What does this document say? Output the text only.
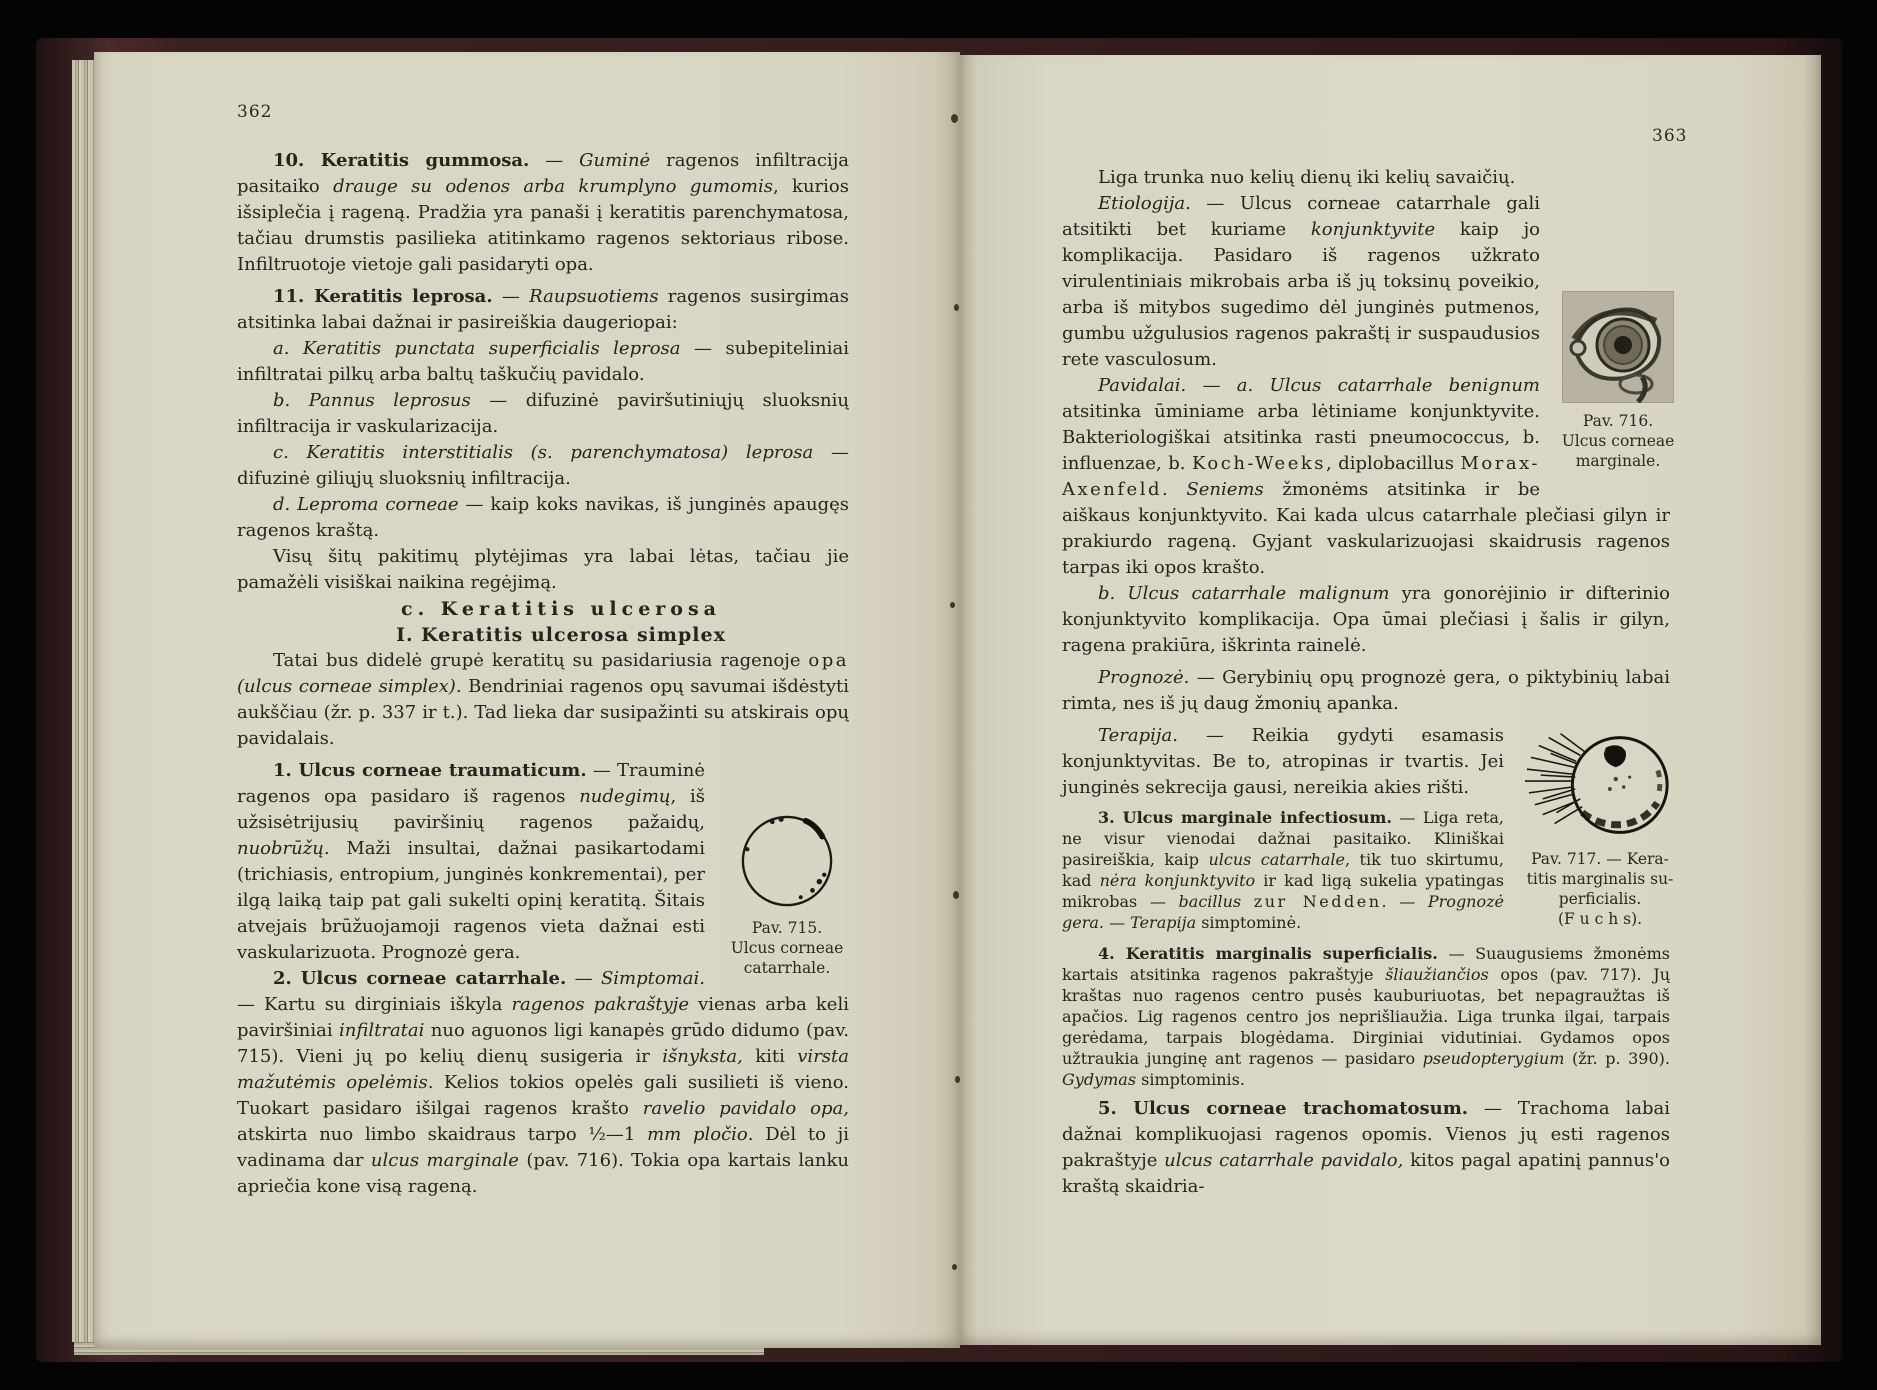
362

10. Keratitis gummosa. — Guminė ragenos infiltracija pasitaiko drauge su odenos arba krumplyno gumomis, kurios išsiplečia į rageną. Pradžia yra panaši į keratitis parenchymatosa, tačiau drumstis pasilieka atitinkamo ragenos sektoriaus ribose. Infiltruotoje vietoje gali pasidaryti opa.

11. Keratitis leprosa. — Raupsuotiems ragenos susirgimas atsitinka labai dažnai ir pasireiškia daugeriopai:

a. Keratitis punctata superficialis leprosa — subepiteliniai infiltratai pilkų arba baltų taškučių pavidalo.

b. Pannus leprosus — difuzinė paviršutiniųjų sluoksnių infiltracija ir vaskularizacija.

c. Keratitis interstitialis (s. parenchymatosa) leprosa — difuzinė giliųjų sluoksnių infiltracija.

d. Leproma corneae — kaip koks navikas, iš junginės apaugęs ragenos kraštą.

Visų šitų pakitimų plytėjimas yra labai lėtas, tačiau jie pamažėli visiškai naikina regėjimą.

c. Keratitis ulcerosa

I. Keratitis ulcerosa simplex

Tatai bus didelė grupė keratitų su pasidariusia ragenoje opa (ulcus corneae simplex). Bendriniai ragenos opų savumai išdėstyti aukščiau (žr. p. 337 ir t.). Tad lieka dar susipažinti su atskirais opų pavidalais.

Pav. 715.
Ulcus corneae
catarrhale.
1. Ulcus corneae traumaticum. — Trauminė ragenos opa pasidaro iš ragenos nudegimų, iš užsisėtrijusių paviršinių ragenos pažaidų, nuobrūžų. Maži insultai, dažnai pasikartodami (trichiasis, entropium, junginės konkrementai), per ilgą laiką taip pat gali sukelti opinį keratitą. Šitais atvejais brūžuojamoji ragenos vieta dažnai esti vaskularizuota. Prognozė gera.

2. Ulcus corneae catarrhale. — Simptomai. — Kartu su dirginiais iškyla ragenos pakraštyje vienas arba keli paviršiniai infiltratai nuo aguonos ligi kanapės grūdo didumo (pav. 715). Vieni jų po kelių dienų susigeria ir išnyksta, kiti virsta mažutėmis opelėmis. Kelios tokios opelės gali susilieti iš vieno. Tuokart pasidaro išilgai ragenos krašto ravelio pavidalo opa, atskirta nuo limbo skaidraus tarpo ½—1 mm pločio. Dėl to ji vadinama dar ulcus marginale (pav. 716). Tokia opa kartais lanku apriečia kone visą rageną.

363

Liga trunka nuo kelių dienų iki kelių savaičių.

Pav. 716.
Ulcus corneae
marginale.
Etiologija. — Ulcus corneae catarrhale gali atsitikti bet kuriame konjunktyvite kaip jo komplikacija. Pasidaro iš ragenos užkrato virulentiniais mikrobais arba iš jų toksinų poveikio, arba iš mitybos sugedimo dėl junginės putmenos, gumbu užgulusios ragenos pakraštį ir suspaudusios rete vasculosum.

Pavidalai. — a. Ulcus catarrhale benignum atsitinka ūminiame arba lėtiniame konjunktyvite. Bakteriologiškai atsitinka rasti pneumococcus, b. influenzae, b. Koch-Weeks, diplobacillus Morax-Axenfeld. Seniems žmonėms atsitinka ir be aiškaus konjunktyvito. Kai kada ulcus catarrhale plečiasi gilyn ir prakiurdo rageną. Gyjant vaskularizuojasi skaidrusis ragenos tarpas iki opos krašto.

b. Ulcus catarrhale malignum yra gonorėjinio ir difterinio konjunktyvito komplikacija. Opa ūmai plečiasi į šalis ir gilyn, ragena prakiūra, iškrinta rainelė.

Prognozė. — Gerybinių opų prognozė gera, o piktybinių labai rimta, nes iš jų daug žmonių apanka.

Pav. 717. — Kera-
titis marginalis su-
perficialis.
(F u c h s).
Terapija. — Reikia gydyti esamasis konjunktyvitas. Be to, atropinas ir tvartis. Jei junginės sekrecija gausi, nereikia akies rišti.

3. Ulcus marginale infectiosum. — Liga reta, ne visur vienodai dažnai pasitaiko. Kliniškai pasireiškia, kaip ulcus catarrhale, tik tuo skirtumu, kad nėra konjunktyvito ir kad ligą sukelia ypatingas mikrobas — bacillus zur Nedden. — Prognozė gera. — Terapija simptominė.

4. Keratitis marginalis superficialis. — Suaugusiems žmonėms kartais atsitinka ragenos pakraštyje šliaužiančios opos (pav. 717). Jų kraštas nuo ragenos centro pusės kauburiuotas, bet nepagraužtas iš apačios. Lig ragenos centro jos neprišliaužia. Liga trunka ilgai, tarpais gerėdama, tarpais blogėdama. Dirginiai vidutiniai. Gydamos opos užtraukia junginę ant ragenos — pasidaro pseudopterygium (žr. p. 390). Gydymas simptominis.

5. Ulcus corneae trachomatosum. — Trachoma labai dažnai komplikuojasi ragenos opomis. Vienos jų esti ragenos pakraštyje ulcus catarrhale pavidalo, kitos pagal apatinį pannus'o kraštą skaidria-
